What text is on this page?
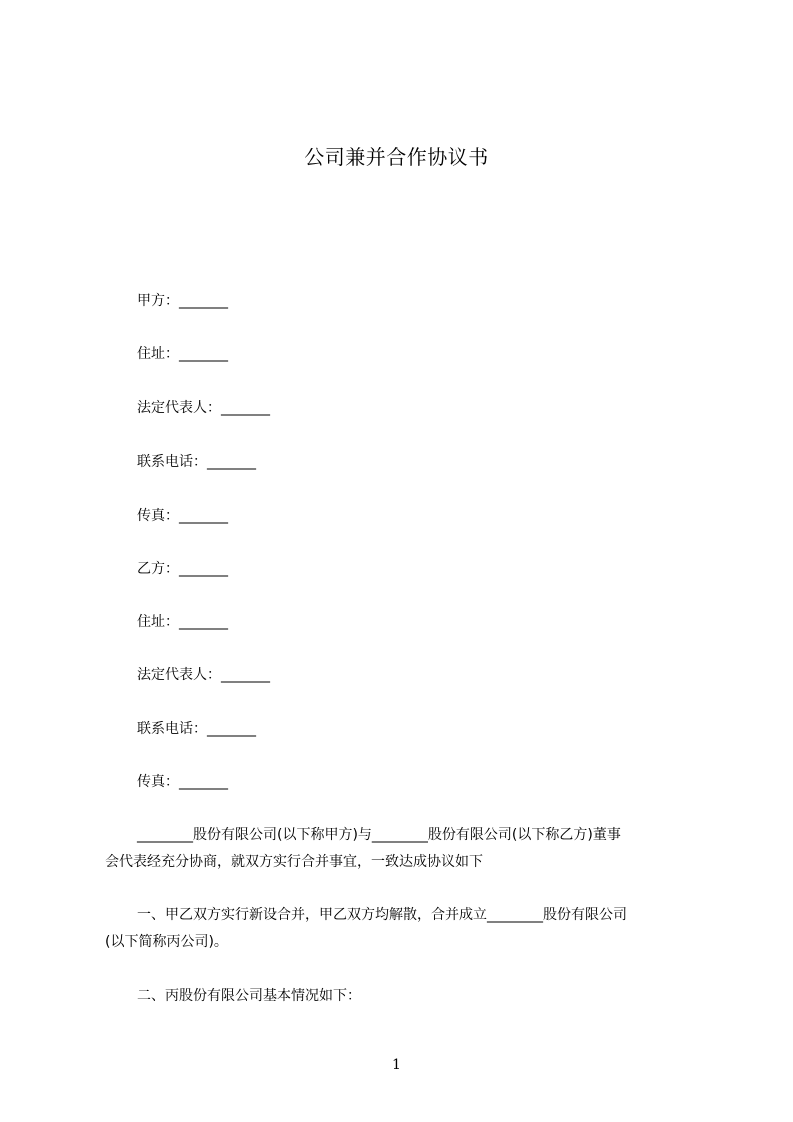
公司兼并合作协议书
甲方：_______
住址：_______
法定代表人：_______
联系电话：_______
传真：_______
乙方：_______
住址：_______
法定代表人：_______
联系电话：_______
传真：_______
________股份有限公司(以下称甲方)与________股份有限公司(以下称乙方)董事
会代表经充分协商，就双方实行合并事宜，一致达成协议如下
一、甲乙双方实行新设合并，甲乙双方均解散，合并成立________股份有限公司
(以下简称丙公司)。
二、丙股份有限公司基本情况如下：
1
